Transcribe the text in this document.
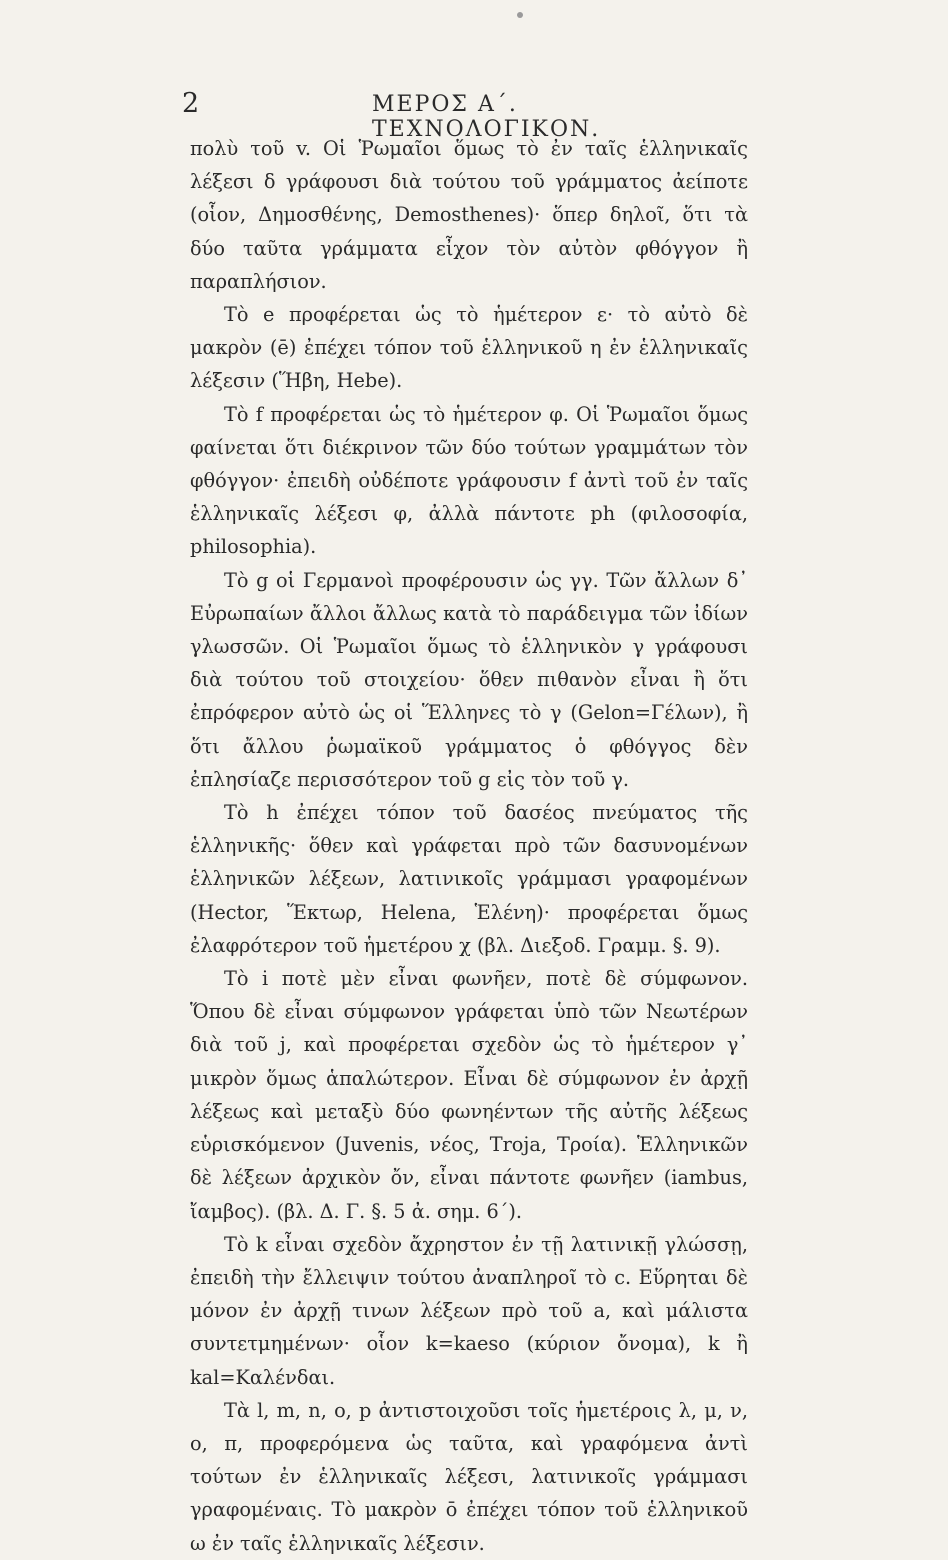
2	ΜΕΡΟΣ Α΄. ΤΕΧΝΟΛΟΓΙΚΟΝ.

πολὺ τοῦ v. Οἱ Ῥωμαῖοι ὅμως τὸ ἐν ταῖς ἑλληνικαῖς λέξεσι δ γράφουσι διὰ τούτου τοῦ γράμματος ἀείποτε (οἷον, Δημοσθένης, Demosthenes)· ὅπερ δηλοῖ, ὅτι τὰ δύο ταῦτα γράμματα εἶχον τὸν αὐτὸν φθόγγον ἢ παραπλήσιον.

Τὸ e προφέρεται ὡς τὸ ἡμέτερον ε· τὸ αὐτὸ δὲ μακρὸν (ē) ἐπέχει τόπον τοῦ ἑλληνικοῦ η ἐν ἑλληνικαῖς λέξεσιν (Ἥβη, Hebe).

Τὸ f προφέρεται ὡς τὸ ἡμέτερον φ. Οἱ Ῥωμαῖοι ὅμως φαίνεται ὅτι διέκρινον τῶν δύο τούτων γραμμάτων τὸν φθόγγον· ἐπειδὴ οὐδέποτε γράφουσιν f ἀντὶ τοῦ ἐν ταῖς ἑλληνικαῖς λέξεσι φ, ἀλλὰ πάντοτε ph (φιλοσοφία, philosophia).

Τὸ g οἱ Γερμανοὶ προφέρουσιν ὡς γγ. Τῶν ἄλλων δ᾽ Εὐρωπαίων ἄλλοι ἄλλως κατὰ τὸ παράδειγμα τῶν ἰδίων γλωσσῶν. Οἱ Ῥωμαῖοι ὅμως τὸ ἑλληνικὸν γ γράφουσι διὰ τούτου τοῦ στοιχείου· ὅθεν πιθανὸν εἶναι ἢ ὅτι ἐπρόφερον αὐτὸ ὡς οἱ Ἕλληνες τὸ γ (Gelon=Γέλων), ἢ ὅτι ἄλλου ῥωμαϊκοῦ γράμματος ὁ φθόγγος δὲν ἐπλησίαζε περισσότερον τοῦ g εἰς τὸν τοῦ γ.

Τὸ h ἐπέχει τόπον τοῦ δασέος πνεύματος τῆς ἑλληνικῆς· ὅθεν καὶ γράφεται πρὸ τῶν δασυνομένων ἑλληνικῶν λέξεων, λατινικοῖς γράμμασι γραφομένων (Hector, Ἕκτωρ, Helena, Ἑλένη)· προφέρεται ὅμως ἐλαφρότερον τοῦ ἡμετέρου χ (βλ. Διεξοδ. Γραμμ. §. 9).

Τὸ i ποτὲ μὲν εἶναι φωνῆεν, ποτὲ δὲ σύμφωνον. Ὅπου δὲ εἶναι σύμφωνον γράφεται ὑπὸ τῶν Νεωτέρων διὰ τοῦ j, καὶ προφέρεται σχεδὸν ὡς τὸ ἡμέτερον γ᾽ μικρὸν ὅμως ἁπαλώτερον. Εἶναι δὲ σύμφωνον ἐν ἀρχῇ λέξεως καὶ μεταξὺ δύο φωνηέντων τῆς αὐτῆς λέξεως εὑρισκόμενον (Juvenis, νέος, Troja, Τροία). Ἑλληνικῶν δὲ λέξεων ἀρχικὸν ὄν, εἶναι πάντοτε φωνῆεν (iambus, ἴαμβος). (βλ. Δ. Γ. §. 5 ἀ. σημ. 6΄).

Τὸ k εἶναι σχεδὸν ἄχρηστον ἐν τῇ λατινικῇ γλώσσῃ, ἐπειδὴ τὴν ἔλλειψιν τούτου ἀναπληροῖ τὸ c. Εὕρηται δὲ μόνον ἐν ἀρχῇ τινων λέξεων πρὸ τοῦ a, καὶ μάλιστα συντετμημένων· οἷον k=kaeso (κύριον ὄνομα), k ἢ kal=Καλένδαι.

Τὰ l, m, n, o, p ἀντιστοιχοῦσι τοῖς ἡμετέροις λ, μ, ν, ο, π, προφερόμενα ὡς ταῦτα, καὶ γραφόμενα ἀντὶ τούτων ἐν ἑλληνικαῖς λέξεσι, λατινικοῖς γράμμασι γραφομέναις. Τὸ μακρὸν ō ἐπέχει τόπον τοῦ ἑλληνικοῦ ω ἐν ταῖς ἑλληνικαῖς λέξεσιν.
